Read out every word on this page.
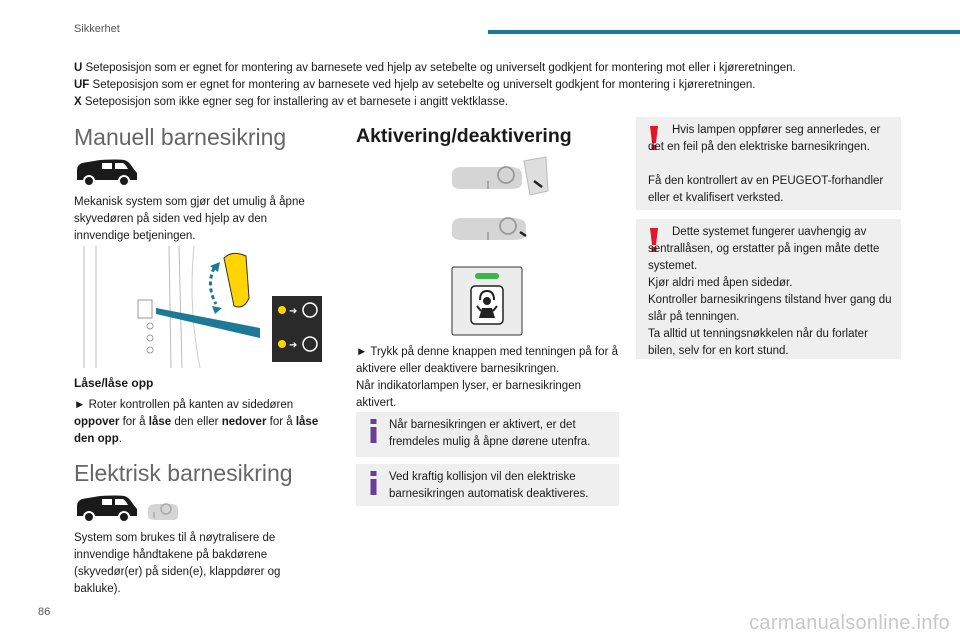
Sikkerhet
U Seteposisjon som er egnet for montering av barnesete ved hjelp av setebelte og universelt godkjent for montering mot eller i kjøreretningen.
UF Seteposisjon som er egnet for montering av barnesete ved hjelp av setebelte og universelt godkjent for montering i kjøreretningen.
X Seteposisjon som ikke egner seg for installering av et barnesete i angitt vektklasse.
Manuell barnesikring
Mekanisk system som gjør det umulig å åpne skyvedøren på siden ved hjelp av den innvendige betjeningen.
➜
➜
Låse/låse opp
► Roter kontrollen på kanten av sidedøren oppover for å låse den eller nedover for å låse den opp.
Elektrisk barnesikring
System som brukes til å nøytralisere de innvendige håndtakene på bakdørene (skyvedør(er) på siden(e), klappdører og bakluke).
Aktivering/deaktivering
► Trykk på denne knappen med tenningen på for å aktivere eller deaktivere barnesikringen.
Når indikatorlampen lyser, er barnesikringen aktivert.
Når barnesikringen er aktivert, er det fremdeles mulig å åpne dørene utenfra.
Ved kraftig kollisjon vil den elektriske barnesikringen automatisk deaktiveres.
Hvis lampen oppfører seg annerledes, er det en feil på den elektriske barnesikringen.
Få den kontrollert av en PEUGEOT-forhandler eller et kvalifisert verksted.
Dette systemet fungerer uavhengig av sentrallåsen, og erstatter på ingen måte dette systemet.
Kjør aldri med åpen sidedør.
Kontroller barnesikringens tilstand hver gang du slår på tenningen.
Ta alltid ut tenningsnøkkelen når du forlater bilen, selv for en kort stund.
86	carmanualsonline.info
